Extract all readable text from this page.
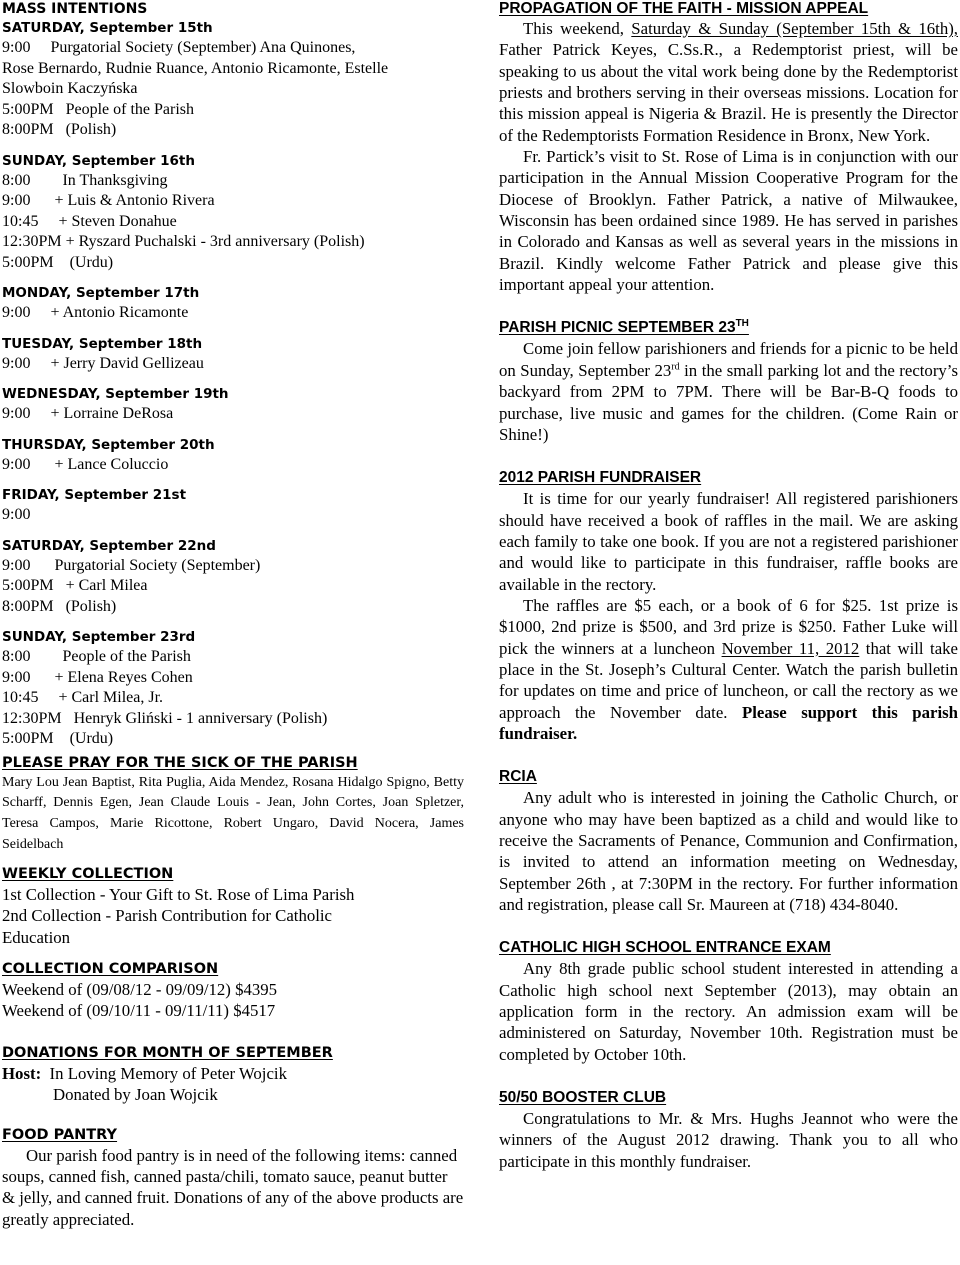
MASS INTENTIONS

SATURDAY, September 15th

9:00     Purgatorial Society (September) Ana Quinones,

Rose Bernardo, Rudnie Ruance, Antonio Ricamonte, Estelle

Slowboin Kaczyńska

5:00PM   People of the Parish

8:00PM   (Polish)

SUNDAY, September 16th

8:00        In Thanksgiving

9:00      + Luis & Antonio Rivera

10:45     + Steven Donahue

12:30PM + Ryszard Puchalski - 3rd anniversary (Polish)

5:00PM    (Urdu)

MONDAY, September 17th

9:00     + Antonio Ricamonte

TUESDAY, September 18th

9:00     + Jerry David Gellizeau

WEDNESDAY, September 19th

9:00     + Lorraine DeRosa

THURSDAY, September 20th

9:00      + Lance Coluccio

FRIDAY, September 21st

9:00

SATURDAY, September 22nd

9:00      Purgatorial Society (September)

5:00PM   + Carl Milea

8:00PM   (Polish)

SUNDAY, September 23rd

8:00        People of the Parish

9:00      + Elena Reyes Cohen

10:45     + Carl Milea, Jr.

12:30PM   Henryk Gliński - 1 anniversary (Polish)

5:00PM    (Urdu)

PLEASE PRAY FOR THE SICK OF THE PARISH

Mary Lou Jean Baptist, Rita Puglia, Aida Mendez, Rosana Hidalgo Spigno, Betty Scharff, Dennis Egen, Jean Claude Louis - Jean, John Cortes, Joan Spletzer, Teresa Campos, Marie Ricottone, Robert Ungaro, David Nocera, James Seidelbach

WEEKLY COLLECTION

1st Collection - Your Gift to St. Rose of Lima Parish

2nd Collection - Parish Contribution for Catholic Education

COLLECTION COMPARISON

Weekend of (09/08/12 - 09/09/12) $4395

Weekend of (09/10/11 - 09/11/11) $4517

DONATIONS FOR MONTH OF SEPTEMBER

Host: In Loving Memory of Peter Wojcik

Donated by Joan Wojcik

FOOD PANTRY

Our parish food pantry is in need of the following items: canned soups, canned fish, canned pasta/chili, tomato sauce, peanut butter & jelly, and canned fruit. Donations of any of the above products are greatly appreciated.

PROPAGATION OF THE FAITH - MISSION APPEAL

This weekend, Saturday & Sunday (September 15th & 16th), Father Patrick Keyes, C.Ss.R., a Redemptorist priest, will be speaking to us about the vital work being done by the Redemptorist priests and brothers serving in their overseas missions. Location for this mission appeal is Nigeria & Brazil. He is presently the Director of the Redemptorists Formation Residence in Bronx, New York.

Fr. Partick’s visit to St. Rose of Lima is in conjunction with our participation in the Annual Mission Cooperative Program for the Diocese of Brooklyn. Father Patrick, a native of Milwaukee, Wisconsin has been ordained since 1989. He has served in parishes in Colorado and Kansas as well as several years in the missions in Brazil. Kindly welcome Father Patrick and please give this important appeal your attention.

PARISH PICNIC SEPTEMBER 23TH

Come join fellow parishioners and friends for a picnic to be held on Sunday, September 23rd in the small parking lot and the rectory’s backyard from 2PM to 7PM. There will be Bar-B-Q foods to purchase, live music and games for the children. (Come Rain or Shine!)

2012 PARISH FUNDRAISER

It is time for our yearly fundraiser! All registered parishioners should have received a book of raffles in the mail. We are asking each family to take one book. If you are not a registered parishioner and would like to participate in this fundraiser, raffle books are available in the rectory.

The raffles are $5 each, or a book of 6 for $25. 1st prize is $1000, 2nd prize is $500, and 3rd prize is $250. Father Luke will pick the winners at a luncheon November 11, 2012 that will take place in the St. Joseph’s Cultural Center. Watch the parish bulletin for updates on time and price of luncheon, or call the rectory as we approach the November date. Please support this parish fundraiser.

RCIA

Any adult who is interested in joining the Catholic Church, or anyone who may have been baptized as a child and would like to receive the Sacraments of Penance, Communion and Confirmation, is invited to attend an information meeting on Wednesday, September 26th , at 7:30PM in the rectory. For further information and registration, please call Sr. Maureen at (718) 434-8040.

CATHOLIC HIGH SCHOOL ENTRANCE EXAM

Any 8th grade public school student interested in attending a Catholic high school next September (2013), may obtain an application form in the rectory. An admission exam will be administered on Saturday, November 10th. Registration must be completed by October 10th.

50/50 BOOSTER CLUB

Congratulations to Mr. & Mrs. Hughs Jeannot who were the winners of the August 2012 drawing. Thank you to all who participate in this monthly fundraiser.
